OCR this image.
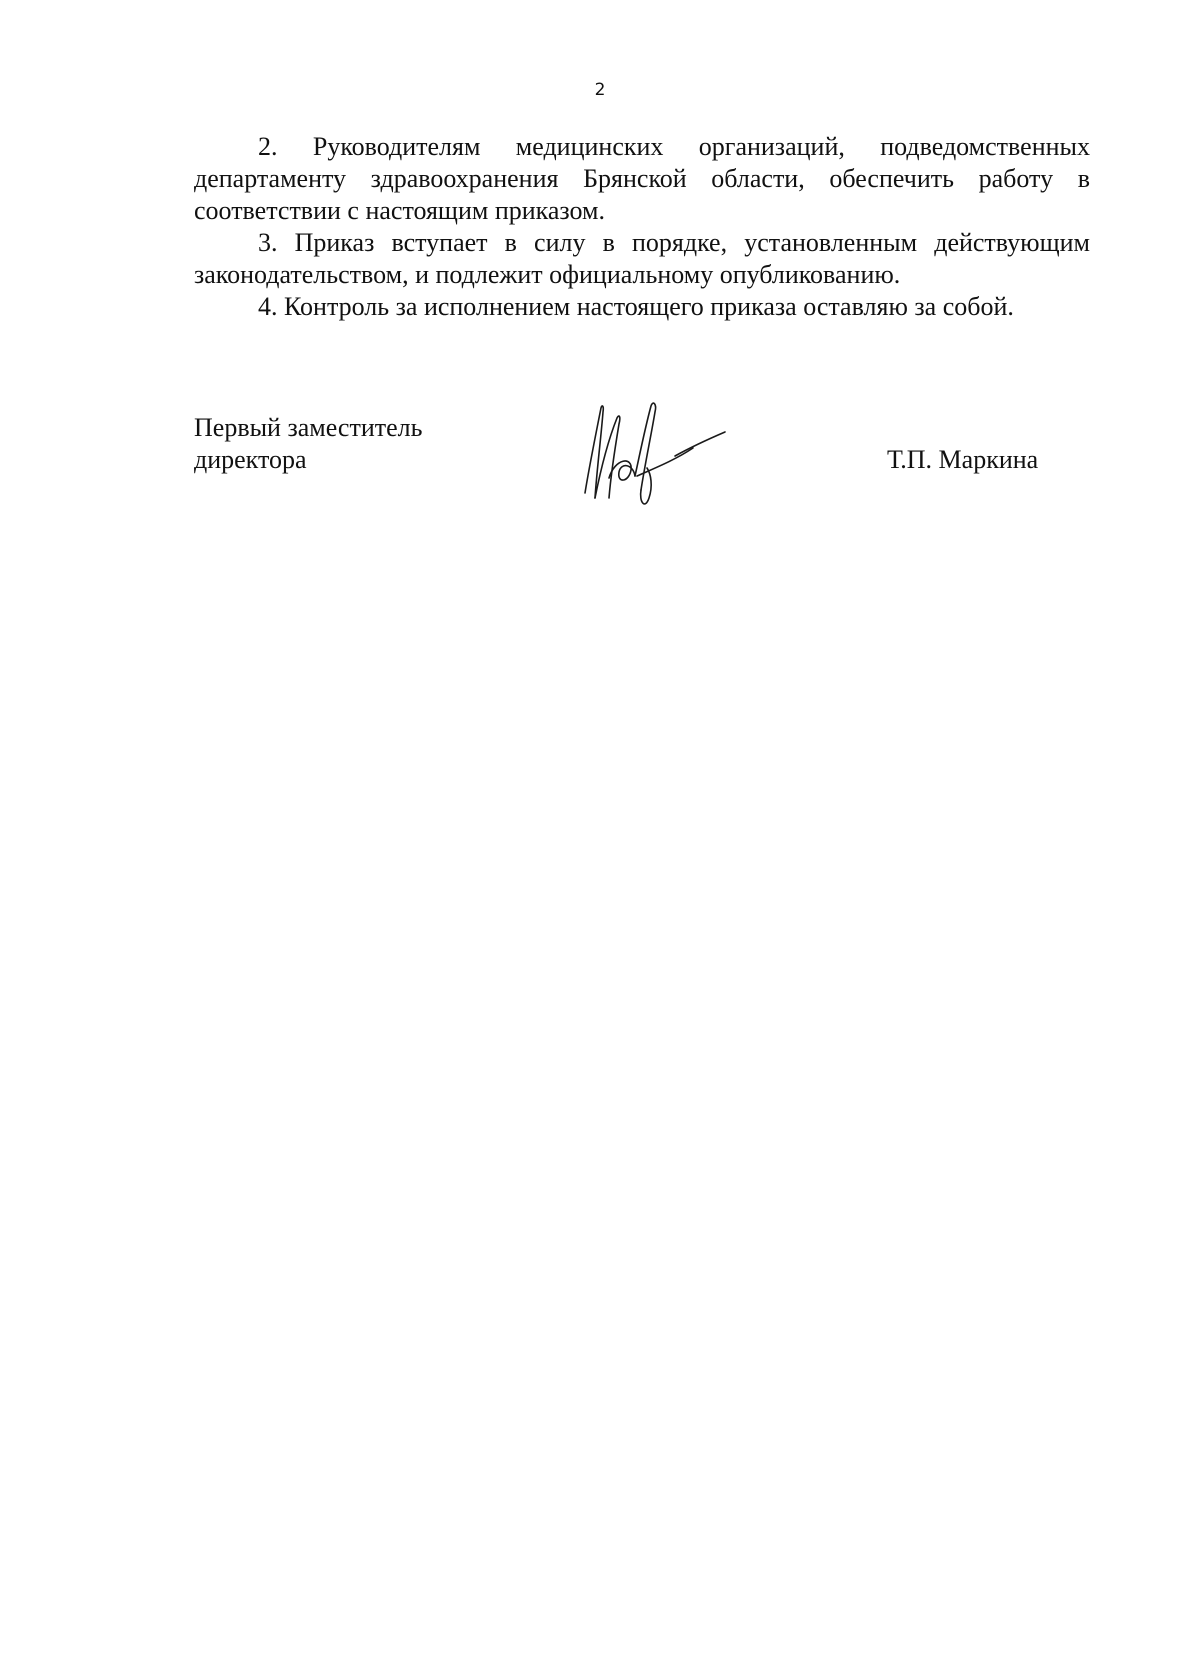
2

2. Руководителям медицинских организаций, подведомственных департаменту здравоохранения Брянской области, обеспечить работу в соответствии с настоящим приказом.

3. Приказ вступает в силу в порядке, установленным действующим законодательством, и подлежит официальному опубликованию.

4. Контроль за исполнением настоящего приказа оставляю за собой.

Первый заместитель
директора	Т.П. Маркина
